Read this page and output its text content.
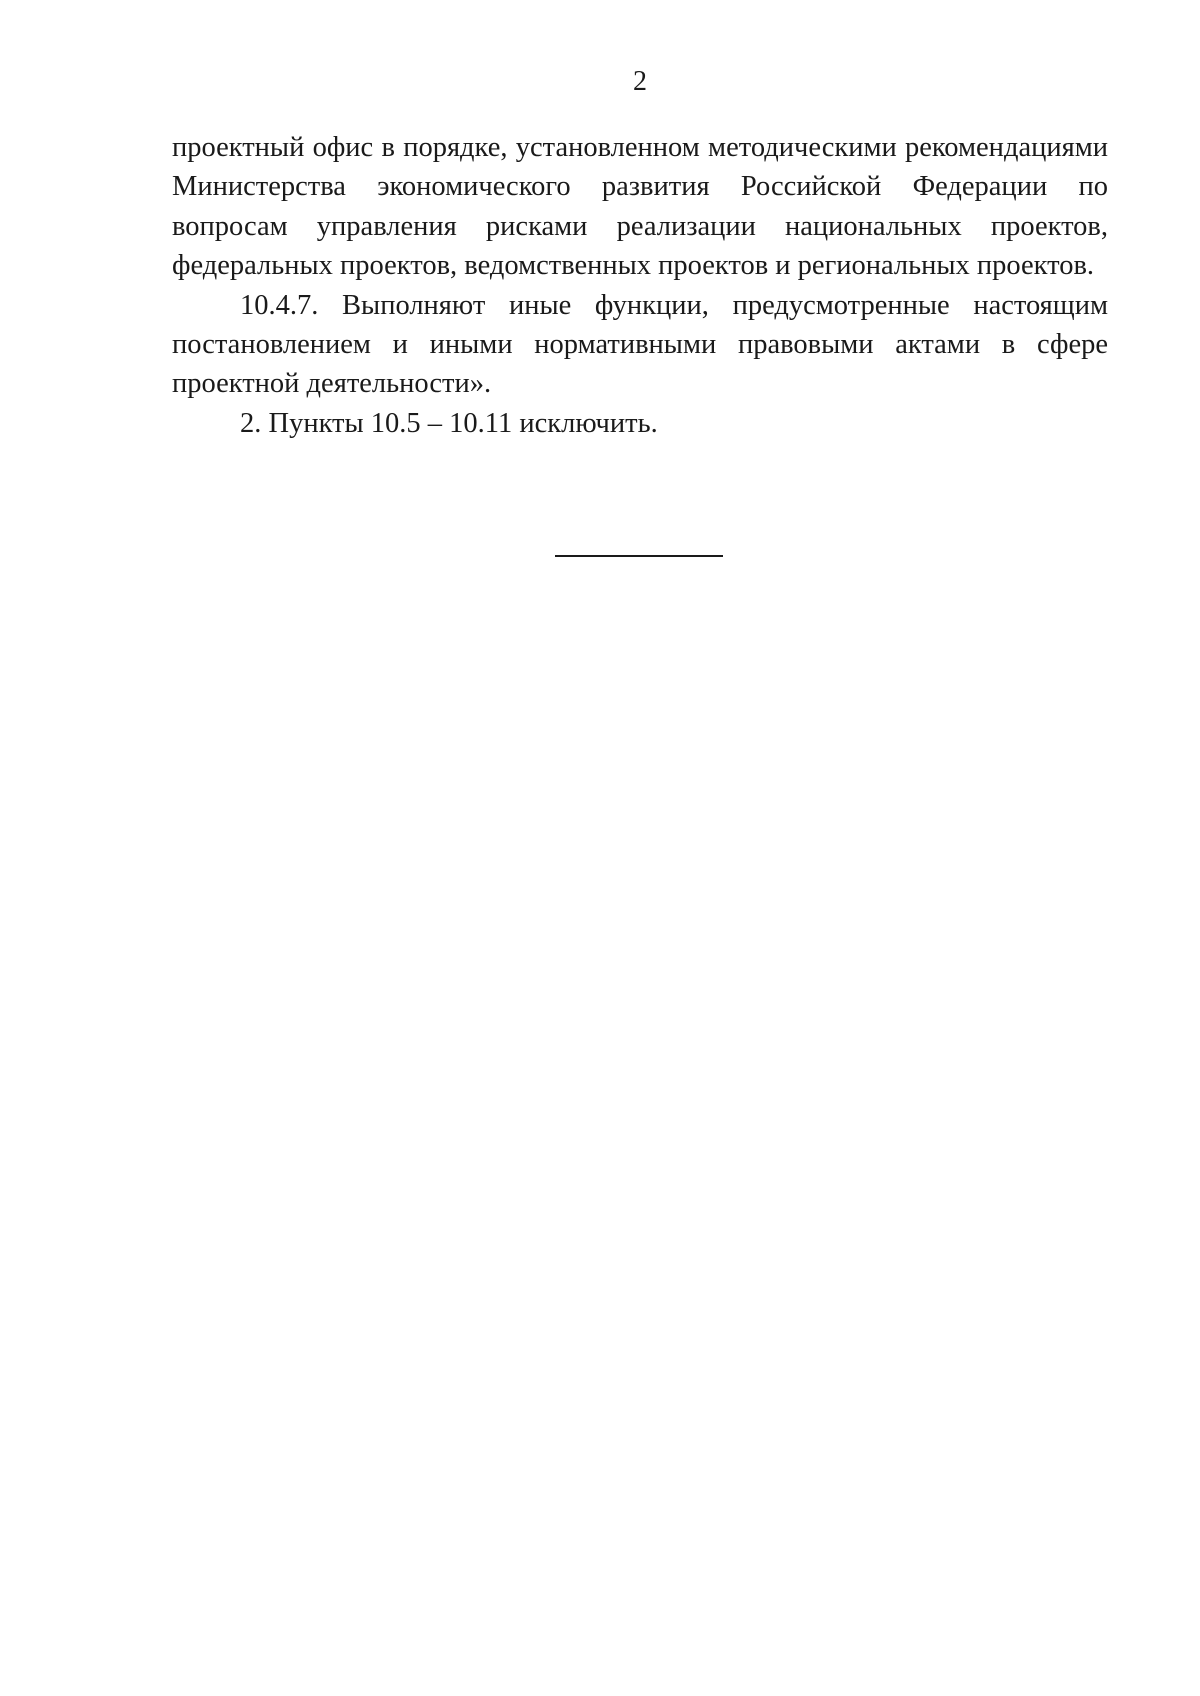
2

проектный офис в порядке, установленном методическими рекомендациями Министерства экономического развития Российской Федерации по вопросам управления рисками реализации национальных проектов, федеральных проектов, ведомственных проектов и региональных проектов.

10.4.7. Выполняют иные функции, предусмотренные настоящим постановлением и иными нормативными правовыми актами в сфере проектной деятельности».

2. Пункты 10.5 – 10.11 исключить.
